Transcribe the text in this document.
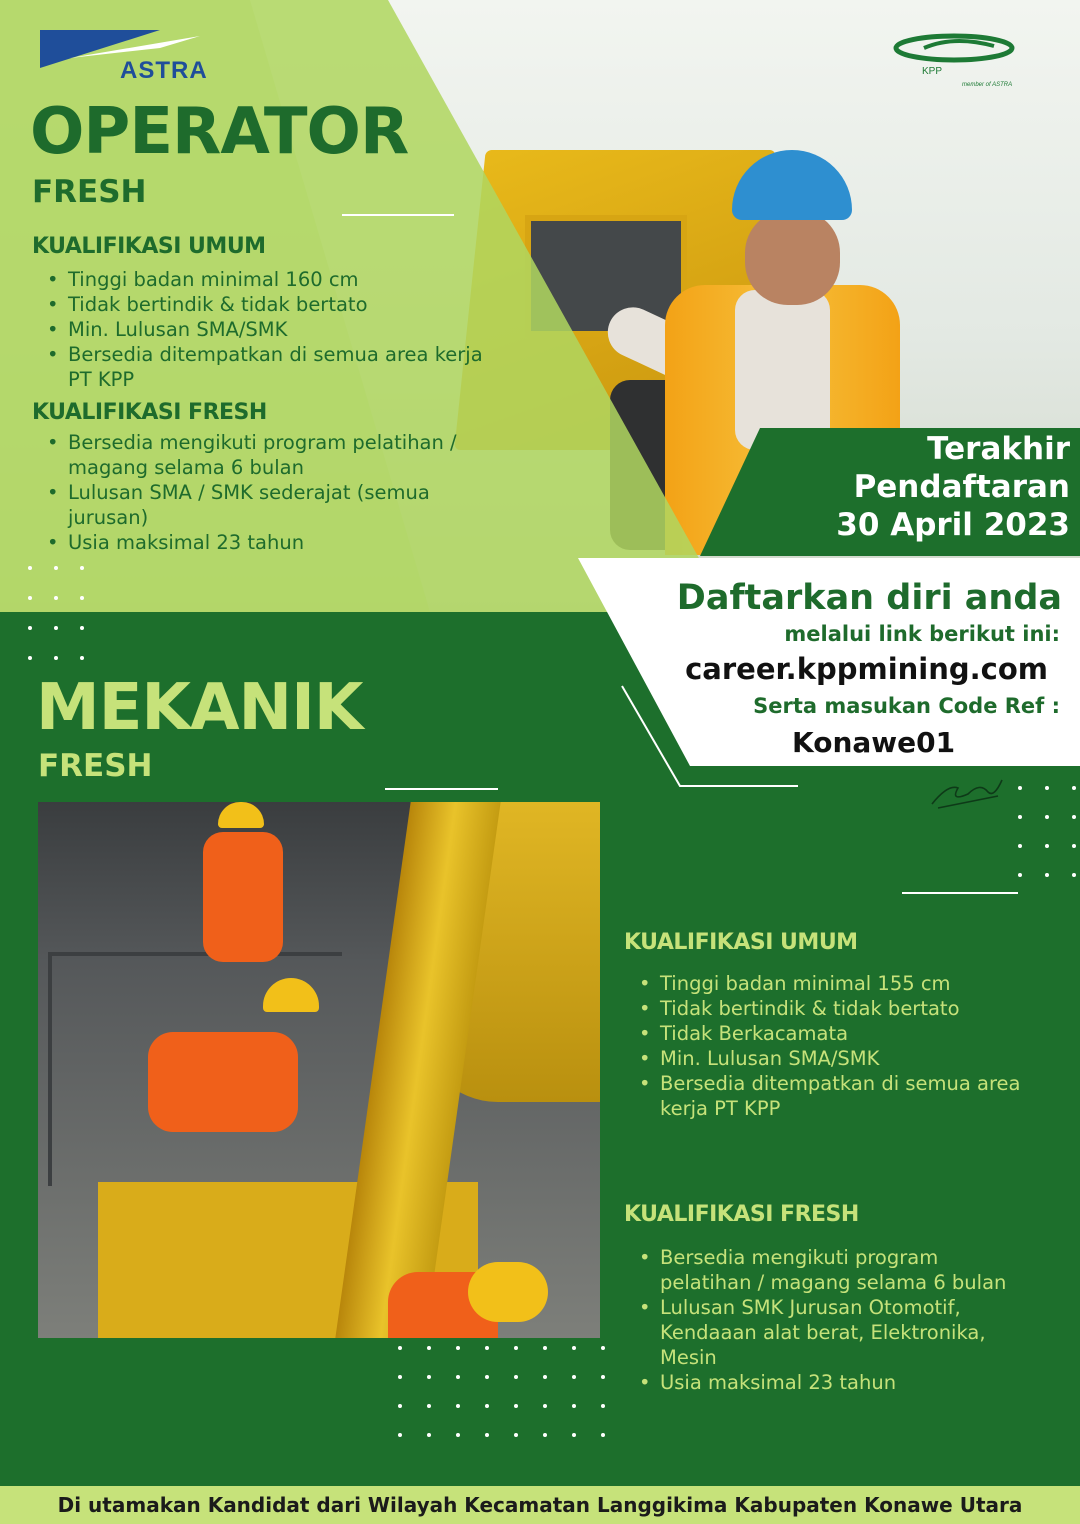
ASTRA	KPP
member of ASTRA
OPERATOR
FRESH
KUALIFIKASI UMUM
• Tinggi badan minimal 160 cm
• Tidak bertindik & tidak bertato
• Min. Lulusan SMA/SMK
• Bersedia ditempatkan di semua area kerja PT KPP
KUALIFIKASI FRESH
• Bersedia mengikuti program pelatihan / magang selama 6 bulan
• Lulusan SMA / SMK sederajat (semua jurusan)
• Usia maksimal 23 tahun
Terakhir
Pendaftaran
30 April 2023
Daftarkan diri anda
melalui link berikut ini:
career.kppmining.com
Serta masukan Code Ref :
Konawe01
MEKANIK
FRESH
KUALIFIKASI UMUM
• Tinggi badan minimal 155 cm
• Tidak bertindik & tidak bertato
• Tidak Berkacamata
• Min. Lulusan SMA/SMK
• Bersedia ditempatkan di semua area kerja PT KPP
KUALIFIKASI FRESH
• Bersedia mengikuti program pelatihan / magang selama 6 bulan
• Lulusan SMK Jurusan Otomotif, Kendaaan alat berat, Elektronika, Mesin
• Usia maksimal 23 tahun
Di utamakan Kandidat dari Wilayah Kecamatan Langgikima Kabupaten Konawe Utara
